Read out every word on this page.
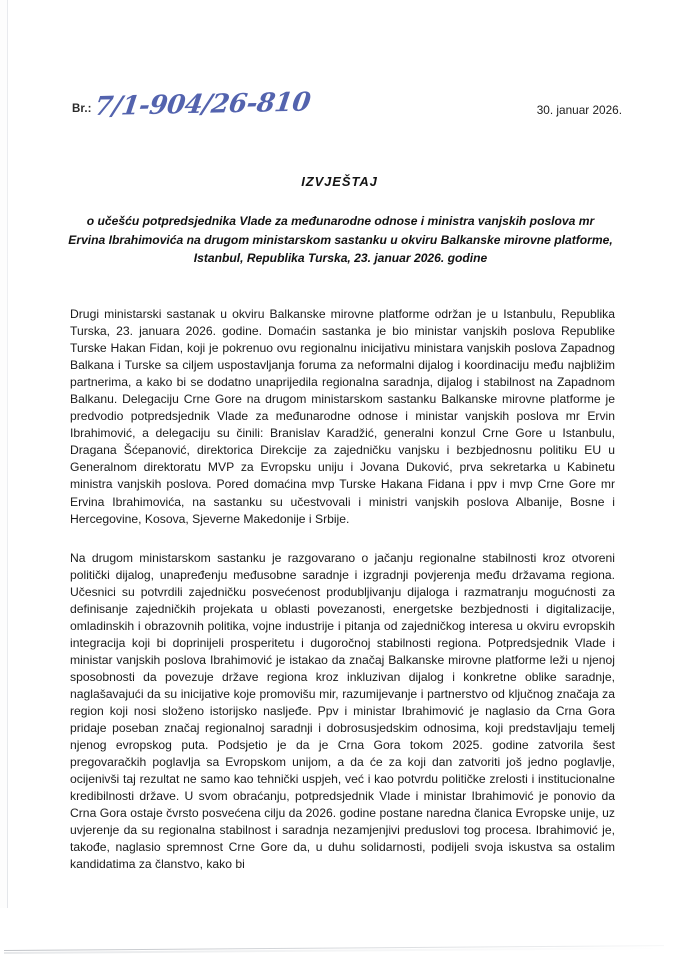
Br.: 7/1-904/26-810	30. januar 2026.
IZVJEŠTAJ
o učešću potpredsjednika Vlade za međunarodne odnose i ministra vanjskih poslova mr Ervina Ibrahimovića na drugom ministarskom sastanku u okviru Balkanske mirovne platforme, Istanbul, Republika Turska, 23. januar 2026. godine

Drugi ministarski sastanak u okviru Balkanske mirovne platforme održan je u Istanbulu, Republika Turska, 23. januara 2026. godine. Domaćin sastanka je bio ministar vanjskih poslova Republike Turske Hakan Fidan, koji je pokrenuo ovu regionalnu inicijativu ministara vanjskih poslova Zapadnog Balkana i Turske sa ciljem uspostavljanja foruma za neformalni dijalog i koordinaciju među najbližim partnerima, a kako bi se dodatno unaprijedila regionalna saradnja, dijalog i stabilnost na Zapadnom Balkanu. Delegaciju Crne Gore na drugom ministarskom sastanku Balkanske mirovne platforme je predvodio potpredsjednik Vlade za međunarodne odnose i ministar vanjskih poslova mr Ervin Ibrahimović, a delegaciju su činili: Branislav Karadžić, generalni konzul Crne Gore u Istanbulu, Dragana Šćepanović, direktorica Direkcije za zajedničku vanjsku i bezbjednosnu politiku EU u Generalnom direktoratu MVP za Evropsku uniju i Jovana Duković, prva sekretarka u Kabinetu ministra vanjskih poslova. Pored domaćina mvp Turske Hakana Fidana i ppv i mvp Crne Gore mr Ervina Ibrahimovića, na sastanku su učestvovali i ministri vanjskih poslova Albanije, Bosne i Hercegovine, Kosova, Sjeverne Makedonije i Srbije.

Na drugom ministarskom sastanku je razgovarano o jačanju regionalne stabilnosti kroz otvoreni politički dijalog, unapređenju međusobne saradnje i izgradnji povjerenja među državama regiona. Učesnici su potvrdili zajedničku posvećenost produbljivanju dijaloga i razmatranju mogućnosti za definisanje zajedničkih projekata u oblasti povezanosti, energetske bezbjednosti i digitalizacije, omladinskih i obrazovnih politika, vojne industrije i pitanja od zajedničkog interesa u okviru evropskih integracija koji bi doprinijeli prosperitetu i dugoročnoj stabilnosti regiona. Potpredsjednik Vlade i ministar vanjskih poslova Ibrahimović je istakao da značaj Balkanske mirovne platforme leži u njenoj sposobnosti da povezuje države regiona kroz inkluzivan dijalog i konkretne oblike saradnje, naglašavajući da su inicijative koje promovišu mir, razumijevanje i partnerstvo od ključnog značaja za region koji nosi složeno istorijsko nasljeđe. Ppv i ministar Ibrahimović je naglasio da Crna Gora pridaje poseban značaj regionalnoj saradnji i dobrosusjedskim odnosima, koji predstavljaju temelj njenog evropskog puta. Podsjetio je da je Crna Gora tokom 2025. godine zatvorila šest pregovaračkih poglavlja sa Evropskom unijom, a da će za koji dan zatvoriti još jedno poglavlje, ocijenivši taj rezultat ne samo kao tehnički uspjeh, već i kao potvrdu političke zrelosti i institucionalne kredibilnosti države. U svom obraćanju, potpredsjednik Vlade i ministar Ibrahimović je ponovio da Crna Gora ostaje čvrsto posvećena cilju da 2026. godine postane naredna članica Evropske unije, uz uvjerenje da su regionalna stabilnost i saradnja nezamjenjivi preduslovi tog procesa. Ibrahimović je, takođe, naglasio spremnost Crne Gore da, u duhu solidarnosti, podijeli svoja iskustva sa ostalim kandidatima za članstvo, kako bi
